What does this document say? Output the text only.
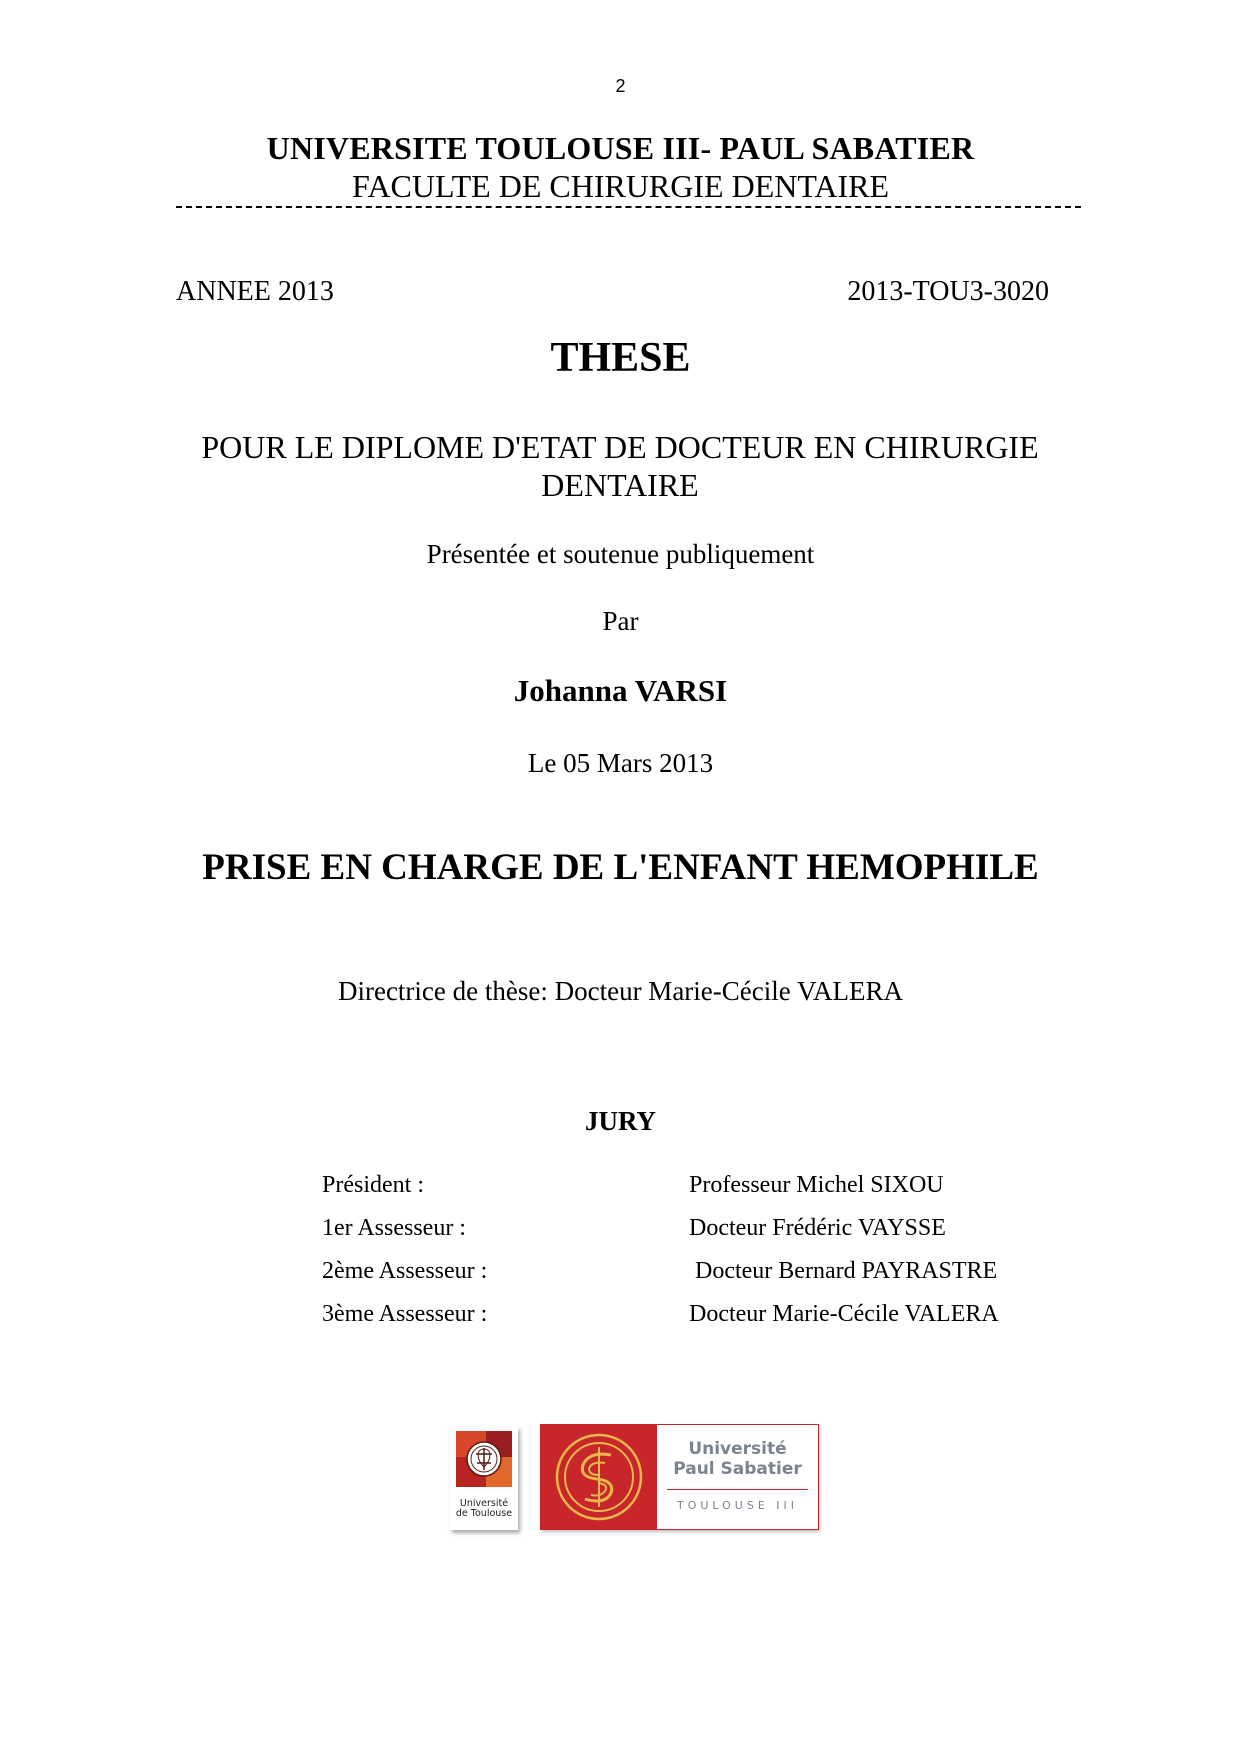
2
UNIVERSITE TOULOUSE III- PAUL SABATIER
FACULTE DE CHIRURGIE DENTAIRE
ANNEE 2013	2013-TOU3-3020
THESE
POUR LE DIPLOME D'ETAT DE DOCTEUR EN CHIRURGIE
DENTAIRE
Présentée et soutenue publiquement
Par
Johanna VARSI
Le 05 Mars 2013
PRISE EN CHARGE DE L'ENFANT HEMOPHILE
Directrice de thèse: Docteur Marie-Cécile VALERA
JURY
Président :	Professeur Michel SIXOU
1er Assesseur :	Docteur Frédéric VAYSSE
2ème Assesseur :	Docteur Bernard PAYRASTRE
3ème Assesseur :	Docteur Marie-Cécile VALERA
Université
de Toulouse
Université
Paul Sabatier
TOULOUSE III
